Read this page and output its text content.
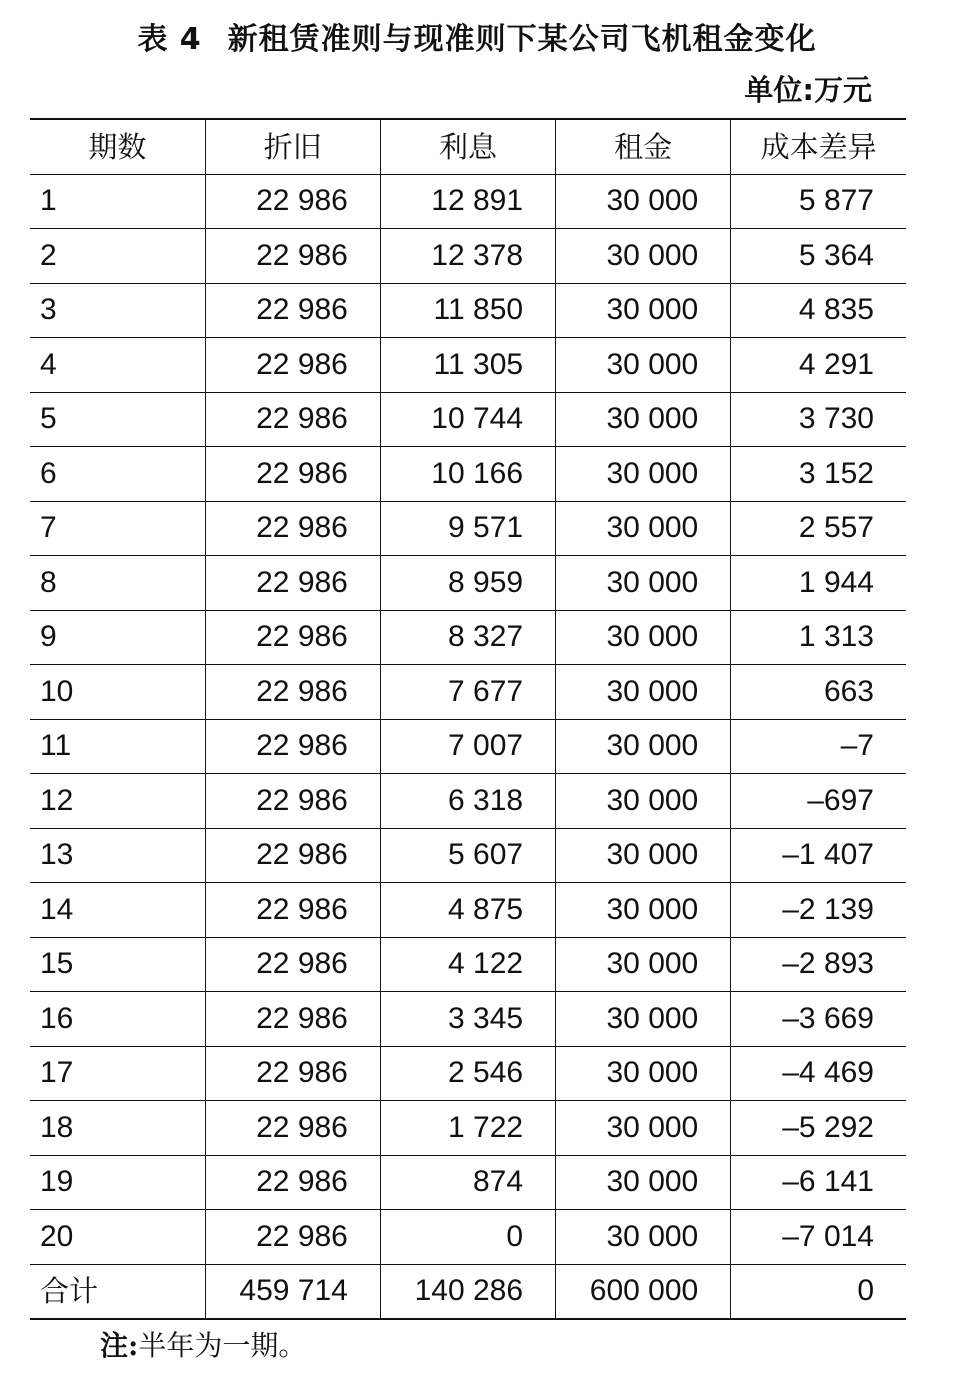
表 4 新租赁准则与现准则下某公司飞机租金变化
单位:万元
期数	折旧	利息	租金	成本差异
1	22 986	12 891	30 000	5 877
2	22 986	12 378	30 000	5 364
3	22 986	11 850	30 000	4 835
4	22 986	11 305	30 000	4 291
5	22 986	10 744	30 000	3 730
6	22 986	10 166	30 000	3 152
7	22 986	9 571	30 000	2 557
8	22 986	8 959	30 000	1 944
9	22 986	8 327	30 000	1 313
10	22 986	7 677	30 000	663
11	22 986	7 007	30 000	–7
12	22 986	6 318	30 000	–697
13	22 986	5 607	30 000	–1 407
14	22 986	4 875	30 000	–2 139
15	22 986	4 122	30 000	–2 893
16	22 986	3 345	30 000	–3 669
17	22 986	2 546	30 000	–4 469
18	22 986	1 722	30 000	–5 292
19	22 986	874	30 000	–6 141
20	22 986	0	30 000	–7 014
合计	459 714	140 286	600 000	0
注:半年为一期。
